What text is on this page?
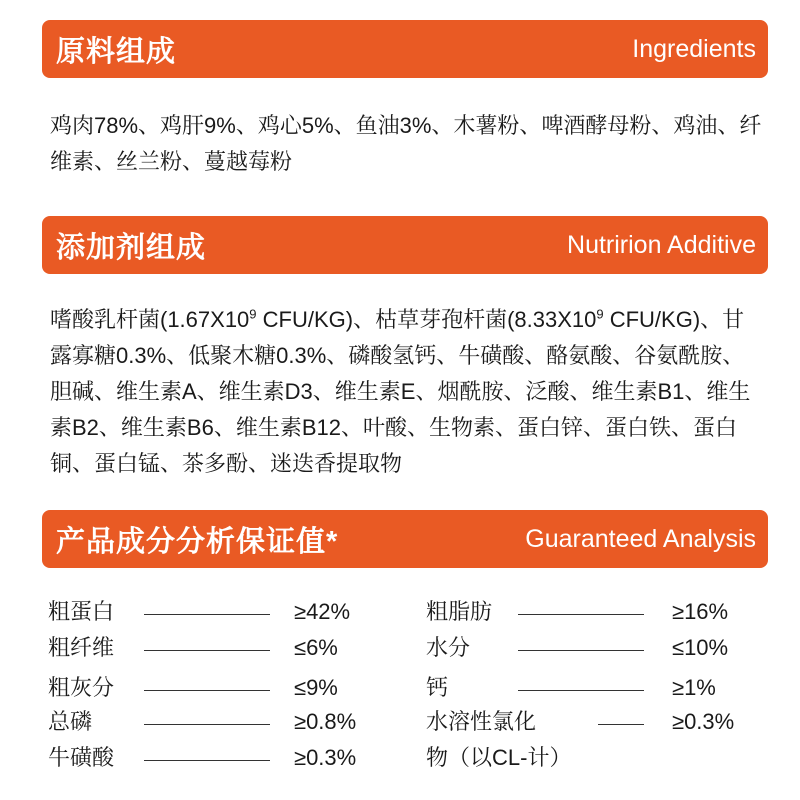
原料组成	Ingredients
鸡肉78%、鸡肝9%、鸡心5%、鱼油3%、木薯粉、啤酒酵母粉、鸡油、纤维素、丝兰粉、蔓越莓粉
添加剂组成	Nutririon Additive
嗜酸乳杆菌($1.67X10^9$ CFU/KG)、枯草芽孢杆菌($8.33X10^9$ CFU/KG)、甘露寡糖0.3%、低聚木糖0.3%、磷酸氢钙、牛磺酸、酪氨酸、谷氨酰胺、胆碱、维生素A、维生素D3、维生素E、烟酰胺、泛酸、维生素B1、维生素B2、维生素B6、维生素B12、叶酸、生物素、蛋白锌、蛋白铁、蛋白铜、蛋白锰、茶多酚、迷迭香提取物
产品成分分析保证值*	Guaranteed Analysis
粗蛋白	≥42%
粗纤维	≤6%
粗灰分	≤9%
总磷	≥0.8%
牛磺酸	≥0.3%
粗脂肪	≥16%
水分	≤10%
钙	≥1%
水溶性氯化	≥0.3%
物（以CL-计）
